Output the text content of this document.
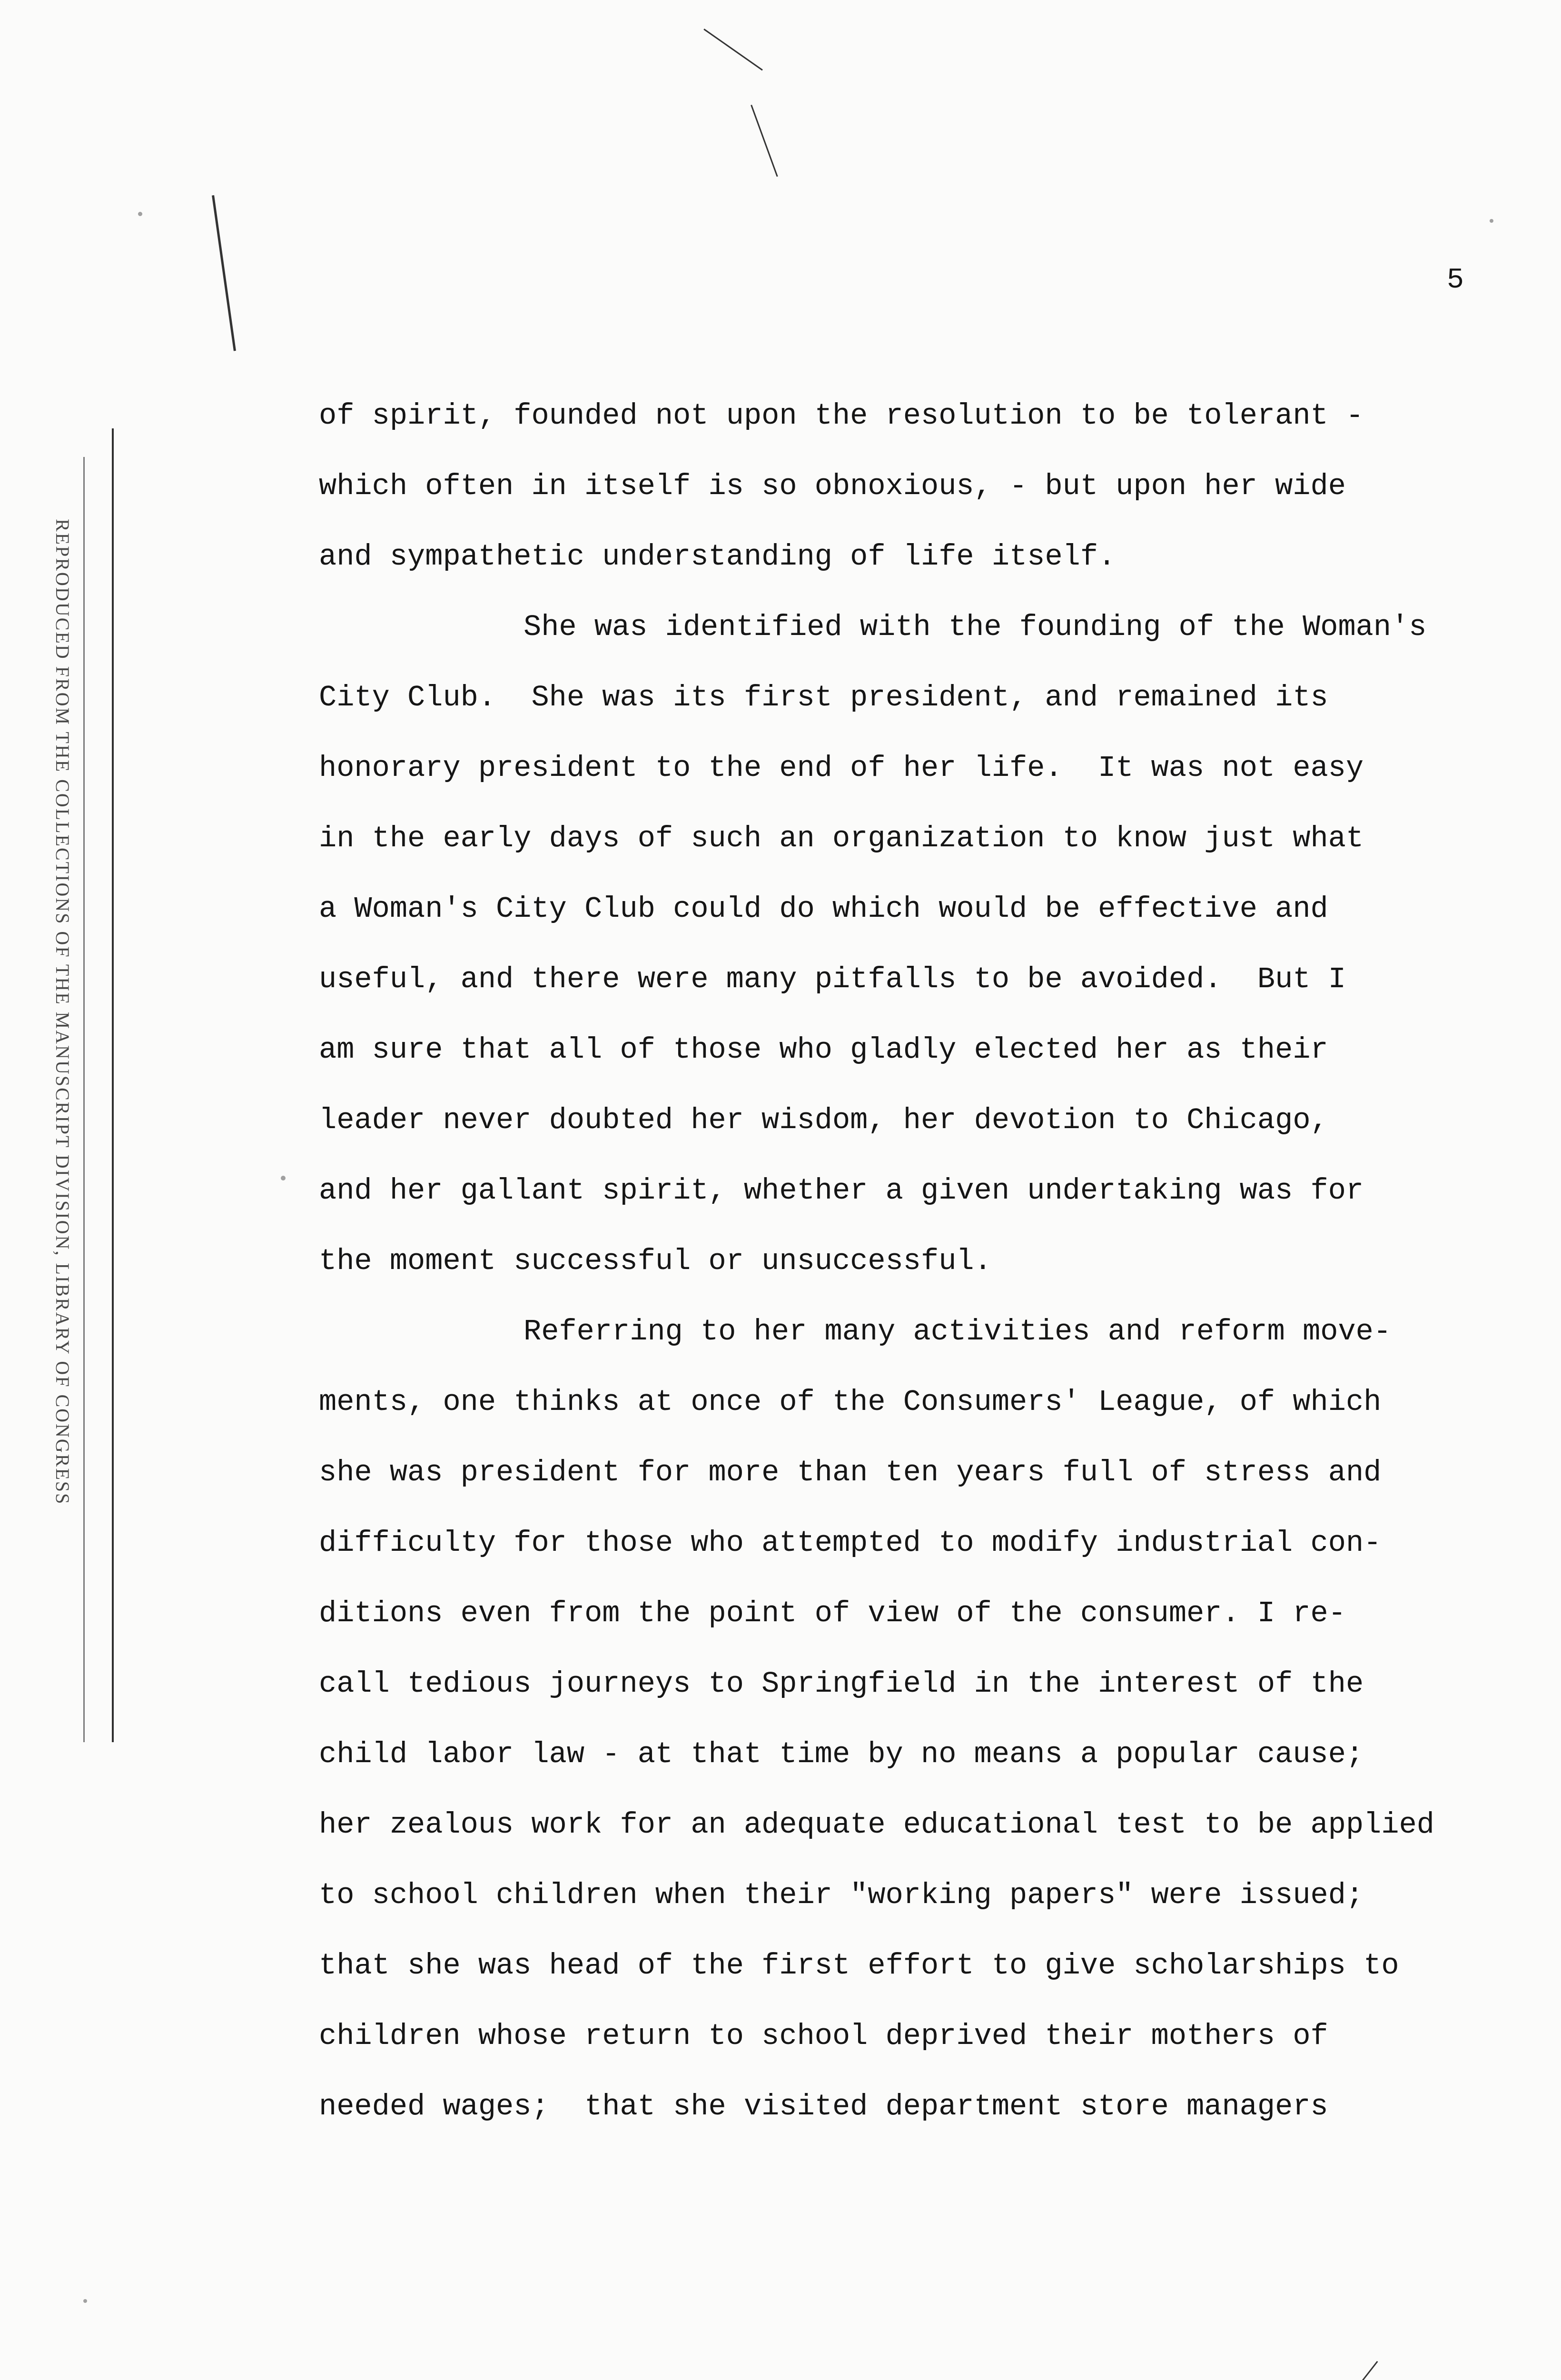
REPRODUCED FROM THE COLLECTIONS OF THE MANUSCRIPT DIVISION, LIBRARY OF CONGRESS
5
of spirit, founded not upon the resolution to be tolerant -
which often in itself is so obnoxious, - but upon her wide
and sympathetic understanding of life itself.
She was identified with the founding of the Woman's
City Club.  She was its first president, and remained its
honorary president to the end of her life.  It was not easy
in the early days of such an organization to know just what
a Woman's City Club could do which would be effective and
useful, and there were many pitfalls to be avoided.  But I
am sure that all of those who gladly elected her as their
leader never doubted her wisdom, her devotion to Chicago,
and her gallant spirit, whether a given undertaking was for
the moment successful or unsuccessful.
Referring to her many activities and reform move-
ments, one thinks at once of the Consumers' League, of which
she was president for more than ten years full of stress and
difficulty for those who attempted to modify industrial con-
ditions even from the point of view of the consumer. I re-
call tedious journeys to Springfield in the interest of the
child labor law - at that time by no means a popular cause;
her zealous work for an adequate educational test to be applied
to school children when their "working papers" were issued;
that she was head of the first effort to give scholarships to
children whose return to school deprived their mothers of
needed wages;  that she visited department store managers
